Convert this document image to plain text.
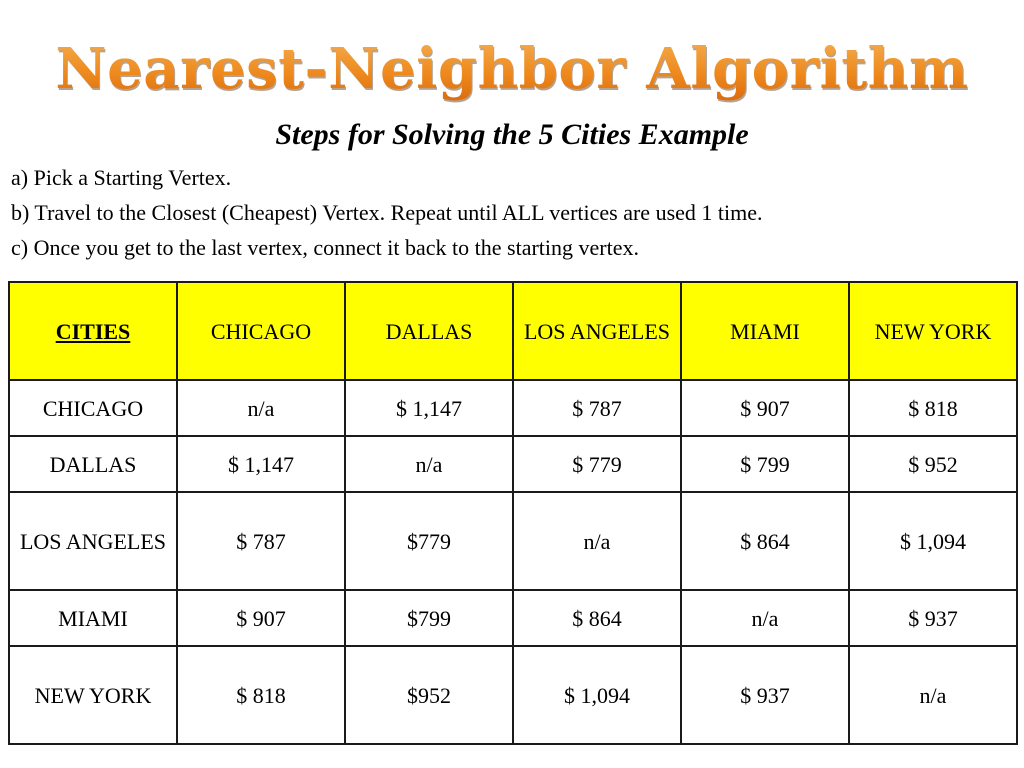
Nearest-Neighbor Algorithm
Steps for Solving the 5 Cities Example
a) Pick a Starting Vertex.
b) Travel to the Closest (Cheapest) Vertex. Repeat until ALL vertices are used 1 time.
c) Once you get to the last vertex, connect it back to the starting vertex.
CITIES	CHICAGO	DALLAS	LOS ANGELES	MIAMI	NEW YORK
CHICAGO	n/a	$ 1,147	$ 787	$ 907	$ 818
DALLAS	$ 1,147	n/a	$ 779	$ 799	$ 952
LOS ANGELES	$ 787	$779	n/a	$ 864	$ 1,094
MIAMI	$ 907	$799	$ 864	n/a	$ 937
NEW YORK	$ 818	$952	$ 1,094	$ 937	n/a
